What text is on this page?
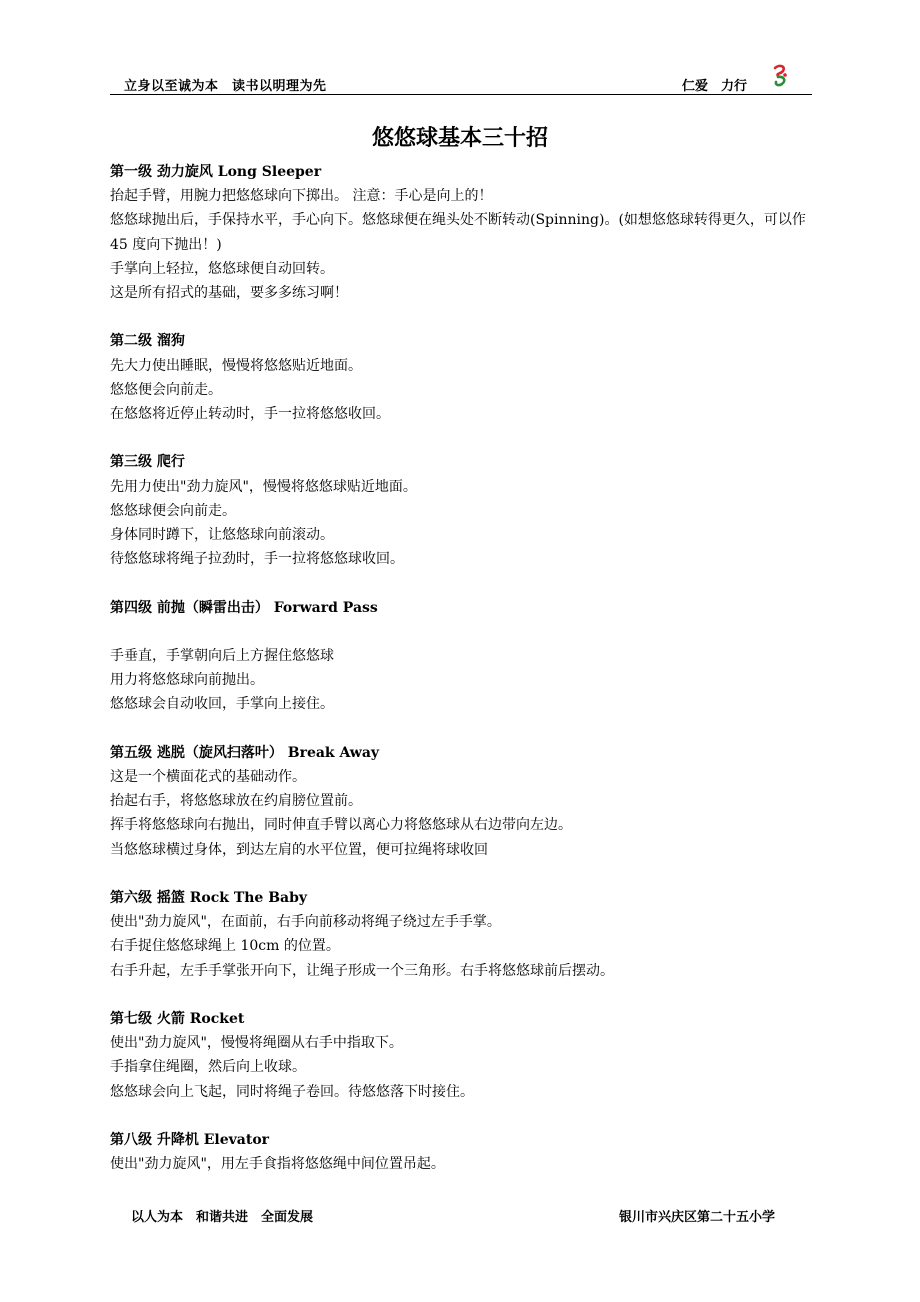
立身以至诚为本　读书以明理为先	仁爱　力行
悠悠球基本三十招

第一级 劲力旋风 Long Sleeper

抬起手臂，用腕力把悠悠球向下掷出。 注意：手心是向上的！

悠悠球抛出后，手保持水平，手心向下。悠悠球便在绳头处不断转动(Spinning)。(如想悠悠球转得更久，可以作 45 度向下抛出！)

手掌向上轻拉，悠悠球便自动回转。

这是所有招式的基础，要多多练习啊！

第二级 溜狗

先大力使出睡眠，慢慢将悠悠贴近地面。

悠悠便会向前走。

在悠悠将近停止转动时，手一拉将悠悠收回。

第三级 爬行

先用力使出"劲力旋风"，慢慢将悠悠球贴近地面。

悠悠球便会向前走。

身体同时蹲下，让悠悠球向前滚动。

待悠悠球将绳子拉劲时，手一拉将悠悠球收回。

第四级 前抛（瞬雷出击） Forward Pass

手垂直，手掌朝向后上方握住悠悠球

用力将悠悠球向前抛出。

悠悠球会自动收回，手掌向上接住。

第五级 逃脱（旋风扫落叶） Break Away

这是一个横面花式的基础动作。

抬起右手，将悠悠球放在约肩膀位置前。

挥手将悠悠球向右抛出，同时伸直手臂以离心力将悠悠球从右边带向左边。

当悠悠球横过身体，到达左肩的水平位置，便可拉绳将球收回

第六级 摇篮 Rock The Baby

使出"劲力旋风"，在面前，右手向前移动将绳子绕过左手手掌。

右手捉住悠悠球绳上 10cm 的位置。

右手升起，左手手掌张开向下，让绳子形成一个三角形。右手将悠悠球前后摆动。

第七级 火箭 Rocket

使出"劲力旋风"，慢慢将绳圈从右手中指取下。

手指拿住绳圈，然后向上收球。

悠悠球会向上飞起，同时将绳子卷回。待悠悠落下时接住。

第八级 升降机 Elevator

使出"劲力旋风"，用左手食指将悠悠绳中间位置吊起。

以人为本　和谐共进　全面发展	银川市兴庆区第二十五小学
